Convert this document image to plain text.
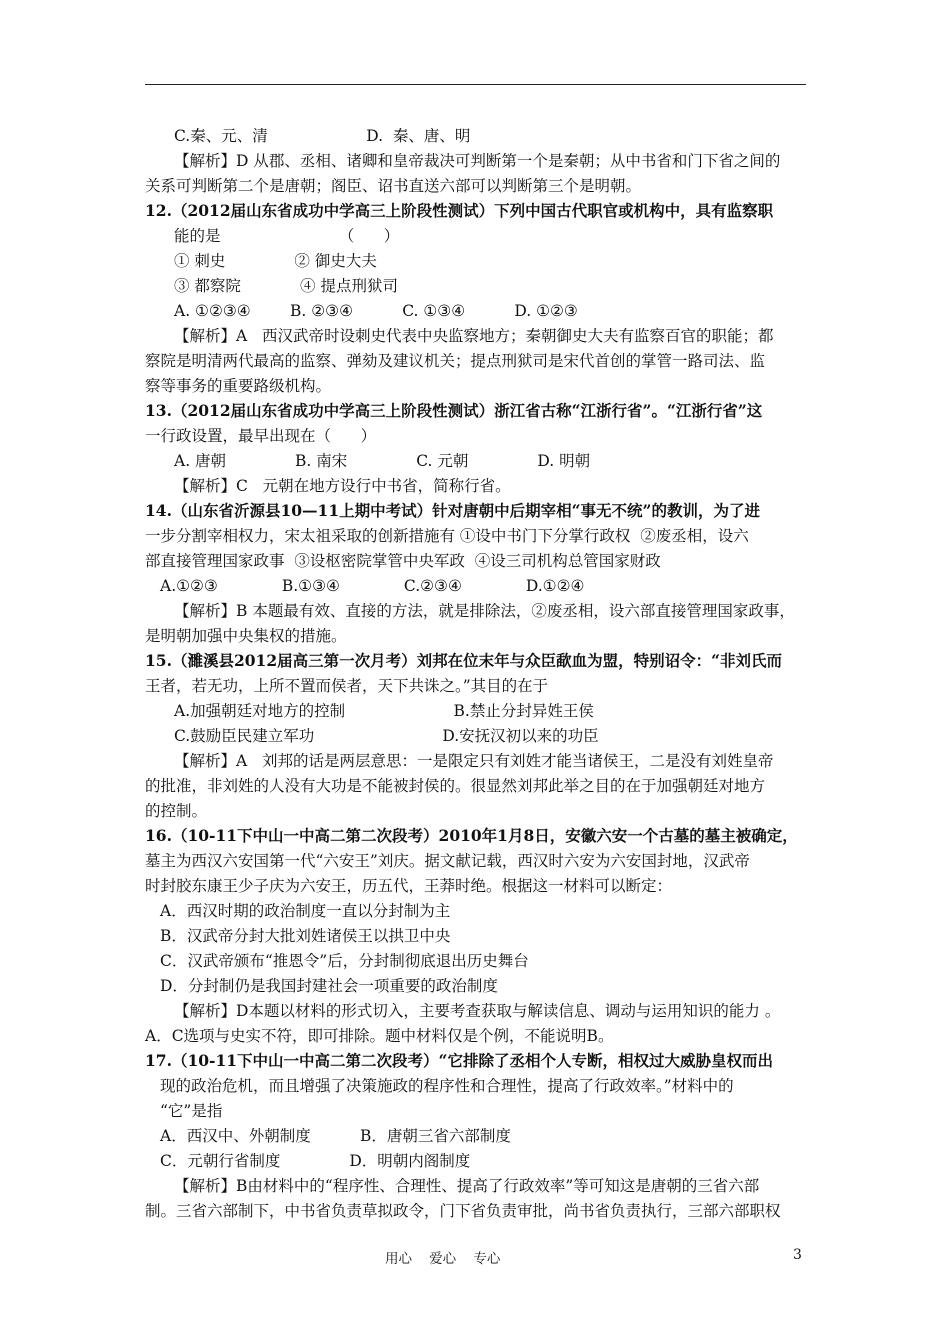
C.秦、元、清                    D.  秦、唐、明
【解析】D 从郡、丞相、诸卿和皇帝裁决可判断第一个是秦朝；从中书省和门下省之间的
关系可判断第二个是唐朝；阁臣、诏书直送六部可以判断第三个是明朝。
12.（2012届山东省成功中学高三上阶段性测试）下列中国古代职官或机构中，具有监察职
能的是                        （      ）
① 刺史              ② 御史大夫
③ 都察院            ④ 提点刑狱司
A. ①②③④        B. ②③④          C. ①③④          D. ①②③
【解析】A   西汉武帝时设刺史代表中央监察地方；秦朝御史大夫有监察百官的职能；都
察院是明清两代最高的监察、弹劾及建议机关；提点刑狱司是宋代首创的掌管一路司法、监
察等事务的重要路级机构。
13.（2012届山东省成功中学高三上阶段性测试）浙江省古称“江浙行省”。“江浙行省”这
一行政设置，最早出现在（      ）
A. 唐朝              B. 南宋              C. 元朝              D. 明朝
【解析】C   元朝在地方设行中书省，简称行省。
14.（山东省沂源县10—11上期中考试）针对唐朝中后期宰相“事无不统”的教训，为了进
一步分割宰相权力，宋太祖采取的创新措施有 ①设中书门下分掌行政权  ②废丞相，设六
部直接管理国家政事  ③设枢密院掌管中央军政  ④设三司机构总管国家财政
A.①②③             B.①③④             C.②③④             D.①②④
【解析】B 本题最有效、直接的方法，就是排除法，②废丞相，设六部直接管理国家政事，
是明朝加强中央集权的措施。
15.（濉溪县2012届高三第一次月考）刘邦在位末年与众臣歃血为盟，特别诏令：“非刘氏而
王者，若无功，上所不置而侯者，天下共诛之。”其目的在于
A.加强朝廷对地方的控制                      B.禁止分封异姓王侯
C.鼓励臣民建立军功                          D.安抚汉初以来的功臣
【解析】A   刘邦的话是两层意思：一是限定只有刘姓才能当诸侯王，二是没有刘姓皇帝
的批准，非刘姓的人没有大功是不能被封侯的。很显然刘邦此举之目的在于加强朝廷对地方
的控制。
16.（10-11下中山一中高二第二次段考）2010年1月8日，安徽六安一个古墓的墓主被确定，
墓主为西汉六安国第一代“六安王”刘庆。据文献记载，西汉时六安为六安国封地，汉武帝
时封胶东康王少子庆为六安王，历五代，王莽时绝。根据这一材料可以断定：
A．西汉时期的政治制度一直以分封制为主
B．汉武帝分封大批刘姓诸侯王以拱卫中央
C．汉武帝颁布“推恩令”后，分封制彻底退出历史舞台
D．分封制仍是我国封建社会一项重要的政治制度
【解析】D本题以材料的形式切入，主要考查获取与解读信息、调动与运用知识的能力 。
A．C选项与史实不符，即可排除。题中材料仅是个例，不能说明B。
17.（10-11下中山一中高二第二次段考）“它排除了丞相个人专断，相权过大威胁皇权而出
现的政治危机，而且增强了决策施政的程序性和合理性，提高了行政效率。”材料中的
“它”是指
A．西汉中、外朝制度          B．唐朝三省六部制度
C．元朝行省制度              D．明朝内阁制度
【解析】B由材料中的“程序性、合理性、提高了行政效率”等可知这是唐朝的三省六部
制。三省六部制下，中书省负责草拟政令，门下省负责审批，尚书省负责执行，三部六部职权
用心    爱心    专心	3
